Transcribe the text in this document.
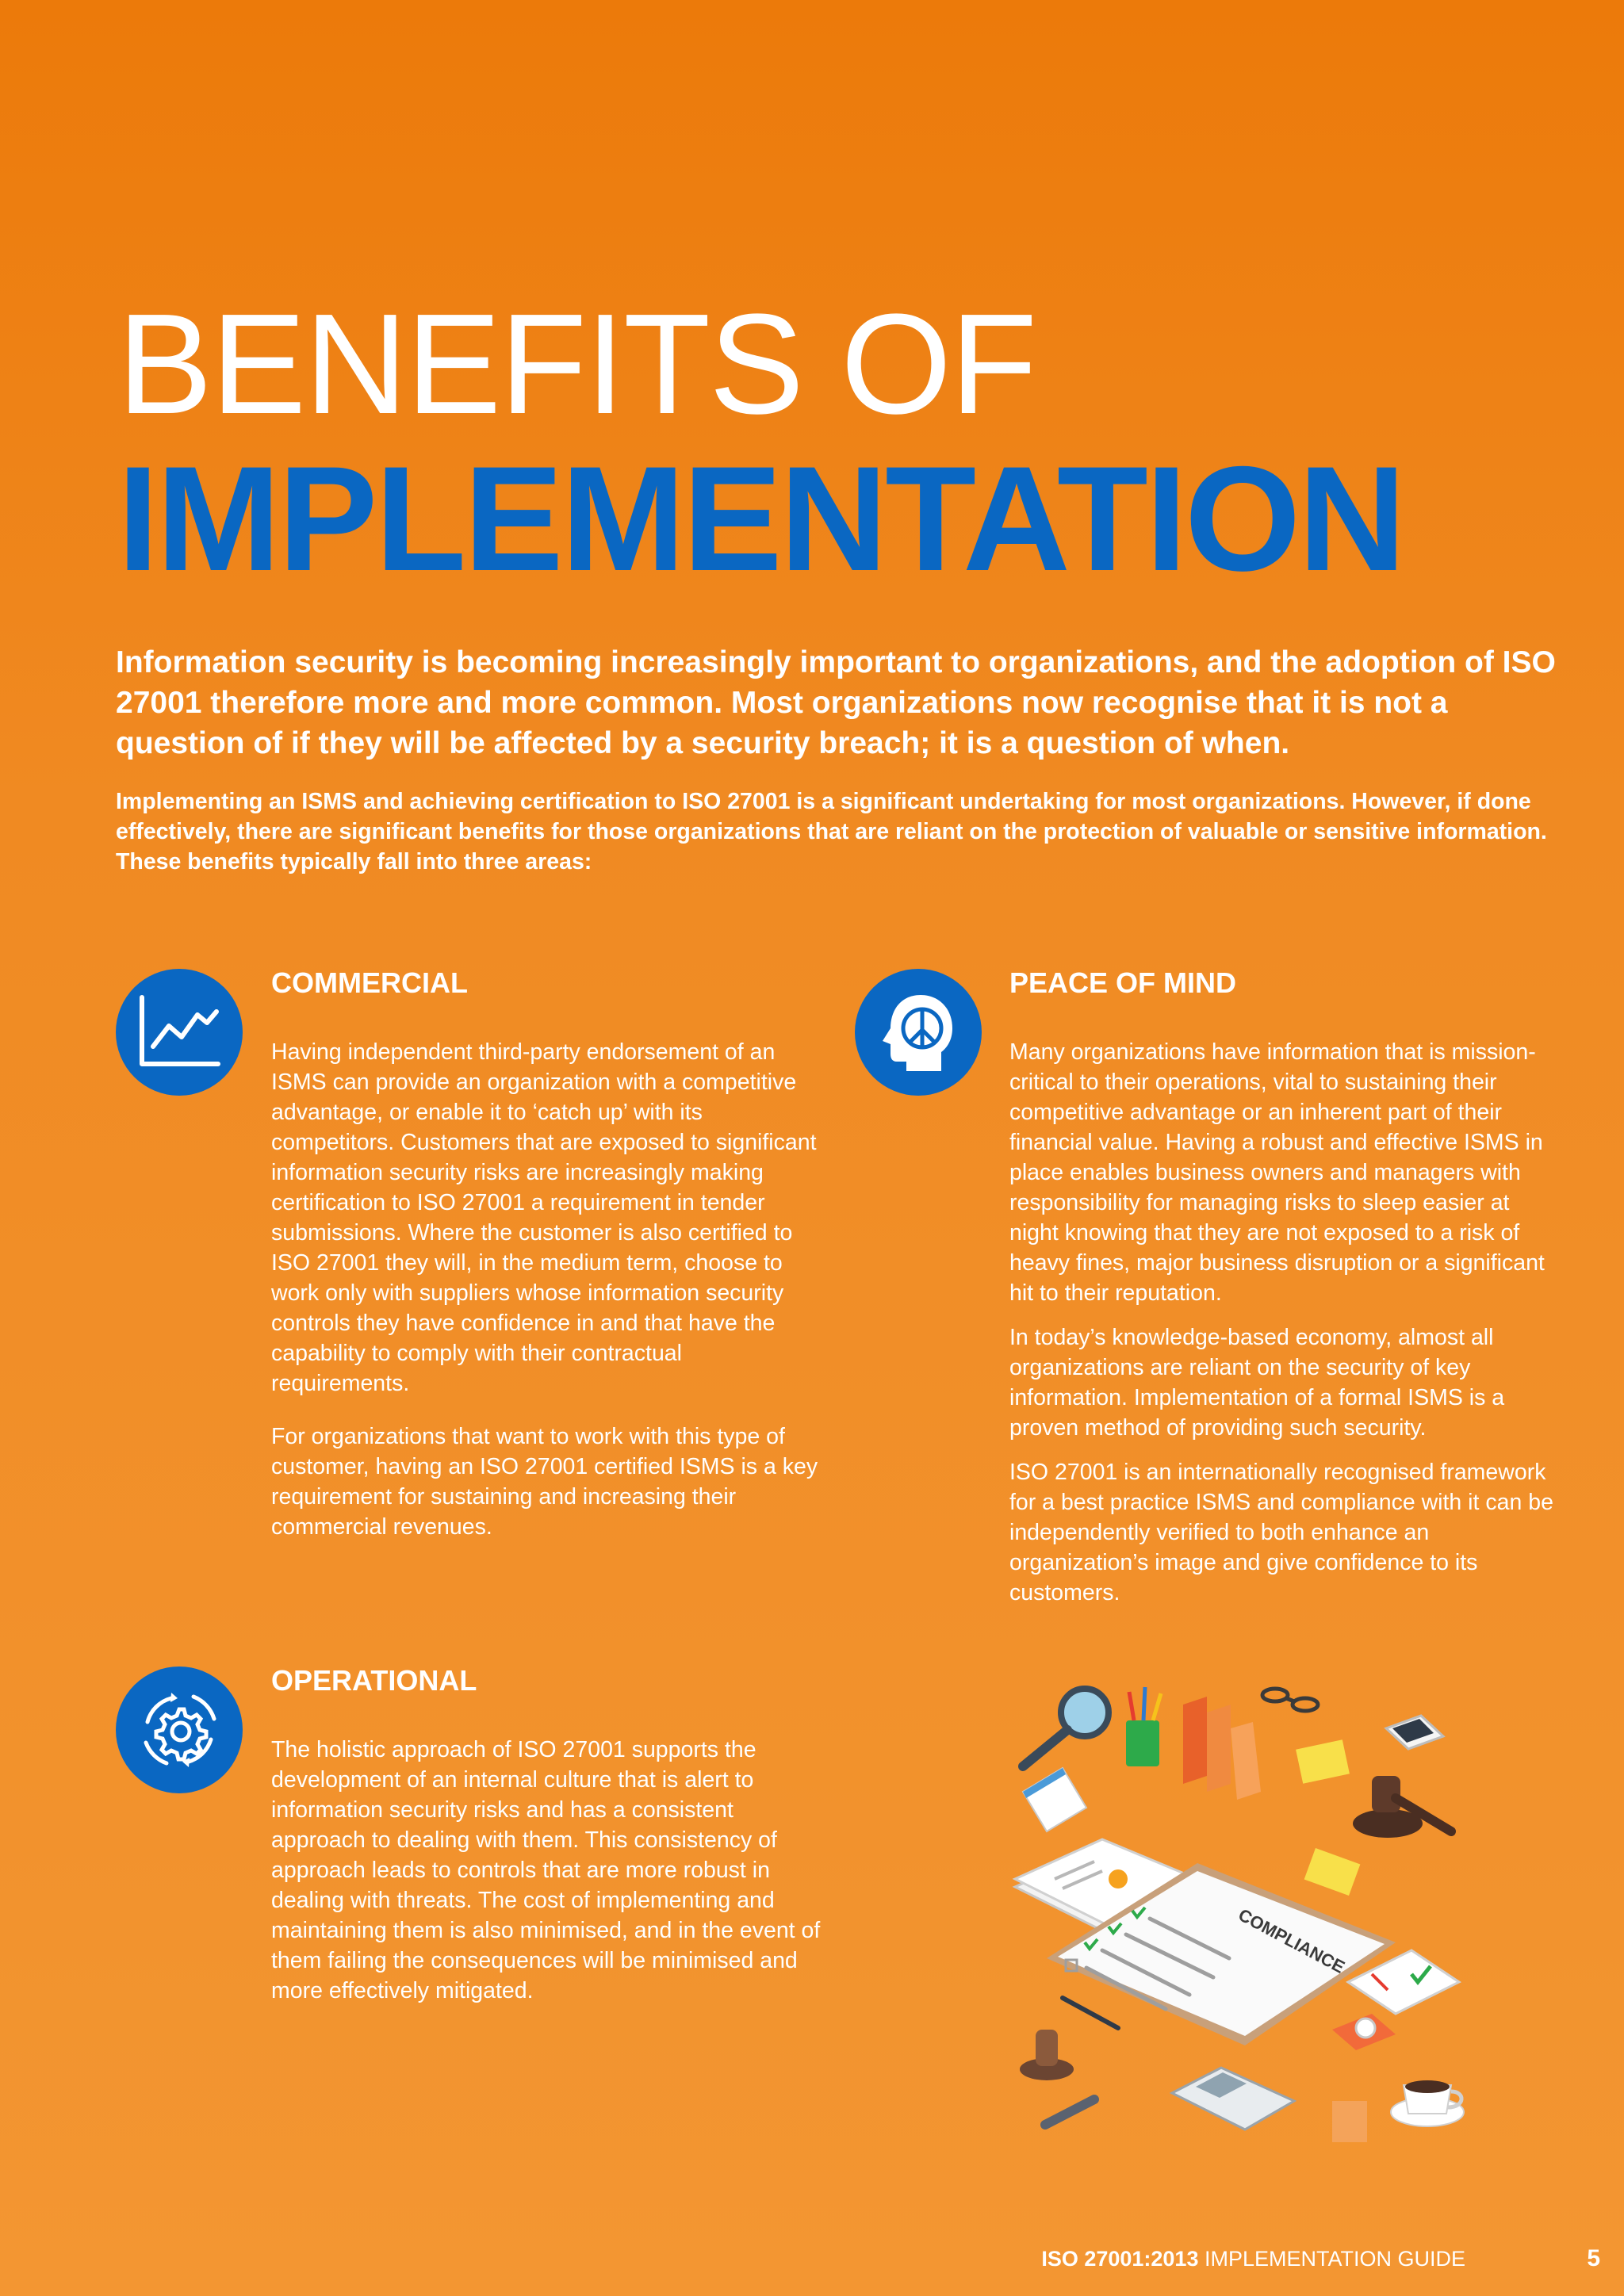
BENEFITS OF
IMPLEMENTATION
Information security is becoming increasingly important to organizations, and the adoption of ISO 27001 therefore more and more common. Most organizations now recognise that it is not a question of if they will be affected by a security breach; it is a question of when.
Implementing an ISMS and achieving certification to ISO 27001 is a significant undertaking for most organizations. However, if done effectively, there are significant benefits for those organizations that are reliant on the protection of valuable or sensitive information. These benefits typically fall into three areas:
COMMERCIAL

Having independent third-party endorsement of an ISMS can provide an organization with a competitive advantage, or enable it to ‘catch up’ with its competitors. Customers that are exposed to significant information security risks are increasingly making certification to ISO 27001 a requirement in tender submissions. Where the customer is also certified to ISO 27001 they will, in the medium term, choose to work only with suppliers whose information security controls they have confidence in and that have the capability to comply with their contractual requirements.

For organizations that want to work with this type of customer, having an ISO 27001 certified ISMS is a key requirement for sustaining and increasing their commercial revenues.

OPERATIONAL

The holistic approach of ISO 27001 supports the development of an internal culture that is alert to information security risks and has a consistent approach to dealing with them. This consistency of approach leads to controls that are more robust in dealing with threats. The cost of implementing and maintaining them is also minimised, and in the event of them failing the consequences will be minimised and more effectively mitigated.

PEACE OF MIND

Many organizations have information that is mission-critical to their operations, vital to sustaining their competitive advantage or an inherent part of their financial value. Having a robust and effective ISMS in place enables business owners and managers with responsibility for managing risks to sleep easier at night knowing that they are not exposed to a risk of heavy fines, major business disruption or a significant hit to their reputation.

In today’s knowledge-based economy, almost all organizations are reliant on the security of key information. Implementation of a formal ISMS is a proven method of providing such security.

ISO 27001 is an internationally recognised framework for a best practice ISMS and compliance with it can be independently verified to both enhance an organization’s image and give confidence to its customers.

COMPLIANCE
ISO 27001:2013 IMPLEMENTATION GUIDE	5
